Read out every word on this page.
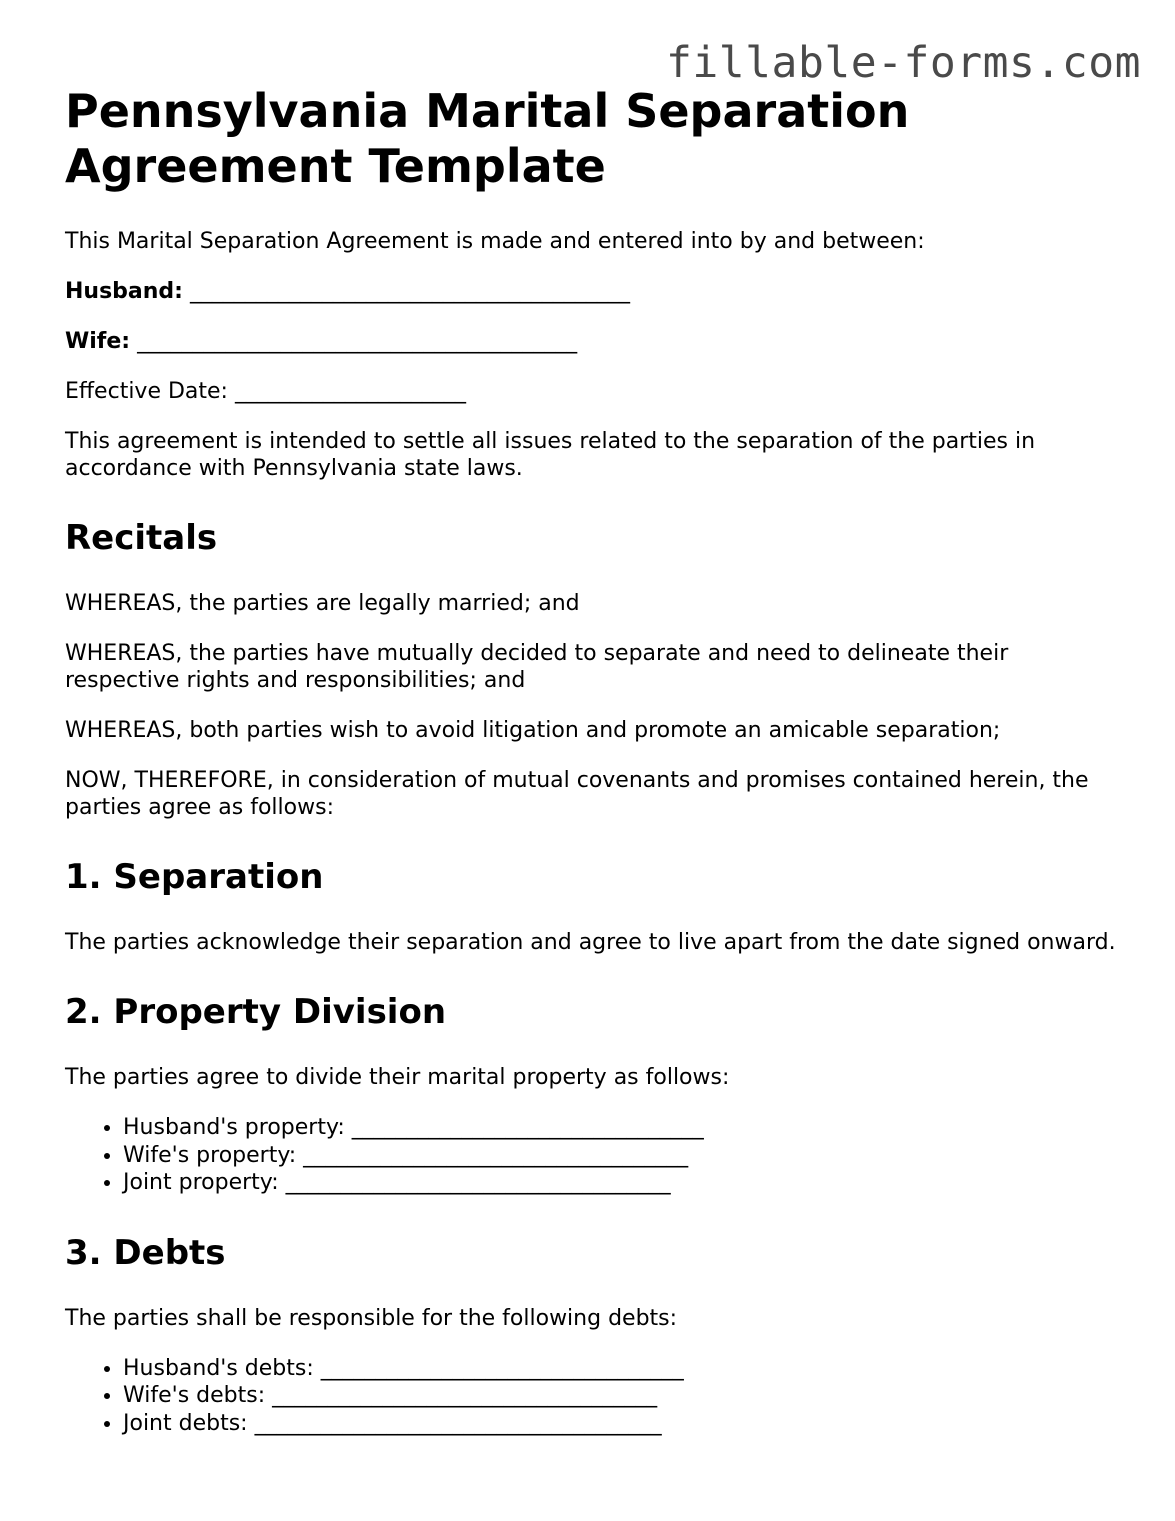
fillable-forms.com
Pennsylvania Marital Separation Agreement Template

This Marital Separation Agreement is made and entered into by and between:

Husband: ________________________________________
Wife: ________________________________________
Effective Date: _____________________

This agreement is intended to settle all issues related to the separation of the parties in accordance with Pennsylvania state laws.

Recitals

WHEREAS, the parties are legally married; and

WHEREAS, the parties have mutually decided to separate and need to delineate their respective rights and responsibilities; and

WHEREAS, both parties wish to avoid litigation and promote an amicable separation;

NOW, THEREFORE, in consideration of mutual covenants and promises contained herein, the parties agree as follows:

1. Separation

The parties acknowledge their separation and agree to live apart from the date signed onward.

2. Property Division

The parties agree to divide their marital property as follows:

• Husband's property: ________________________________
• Wife's property: ___________________________________
• Joint property: ___________________________________
3. Debts

The parties shall be responsible for the following debts:

• Husband's debts: _________________________________
• Wife's debts: ___________________________________
• Joint debts: _____________________________________
